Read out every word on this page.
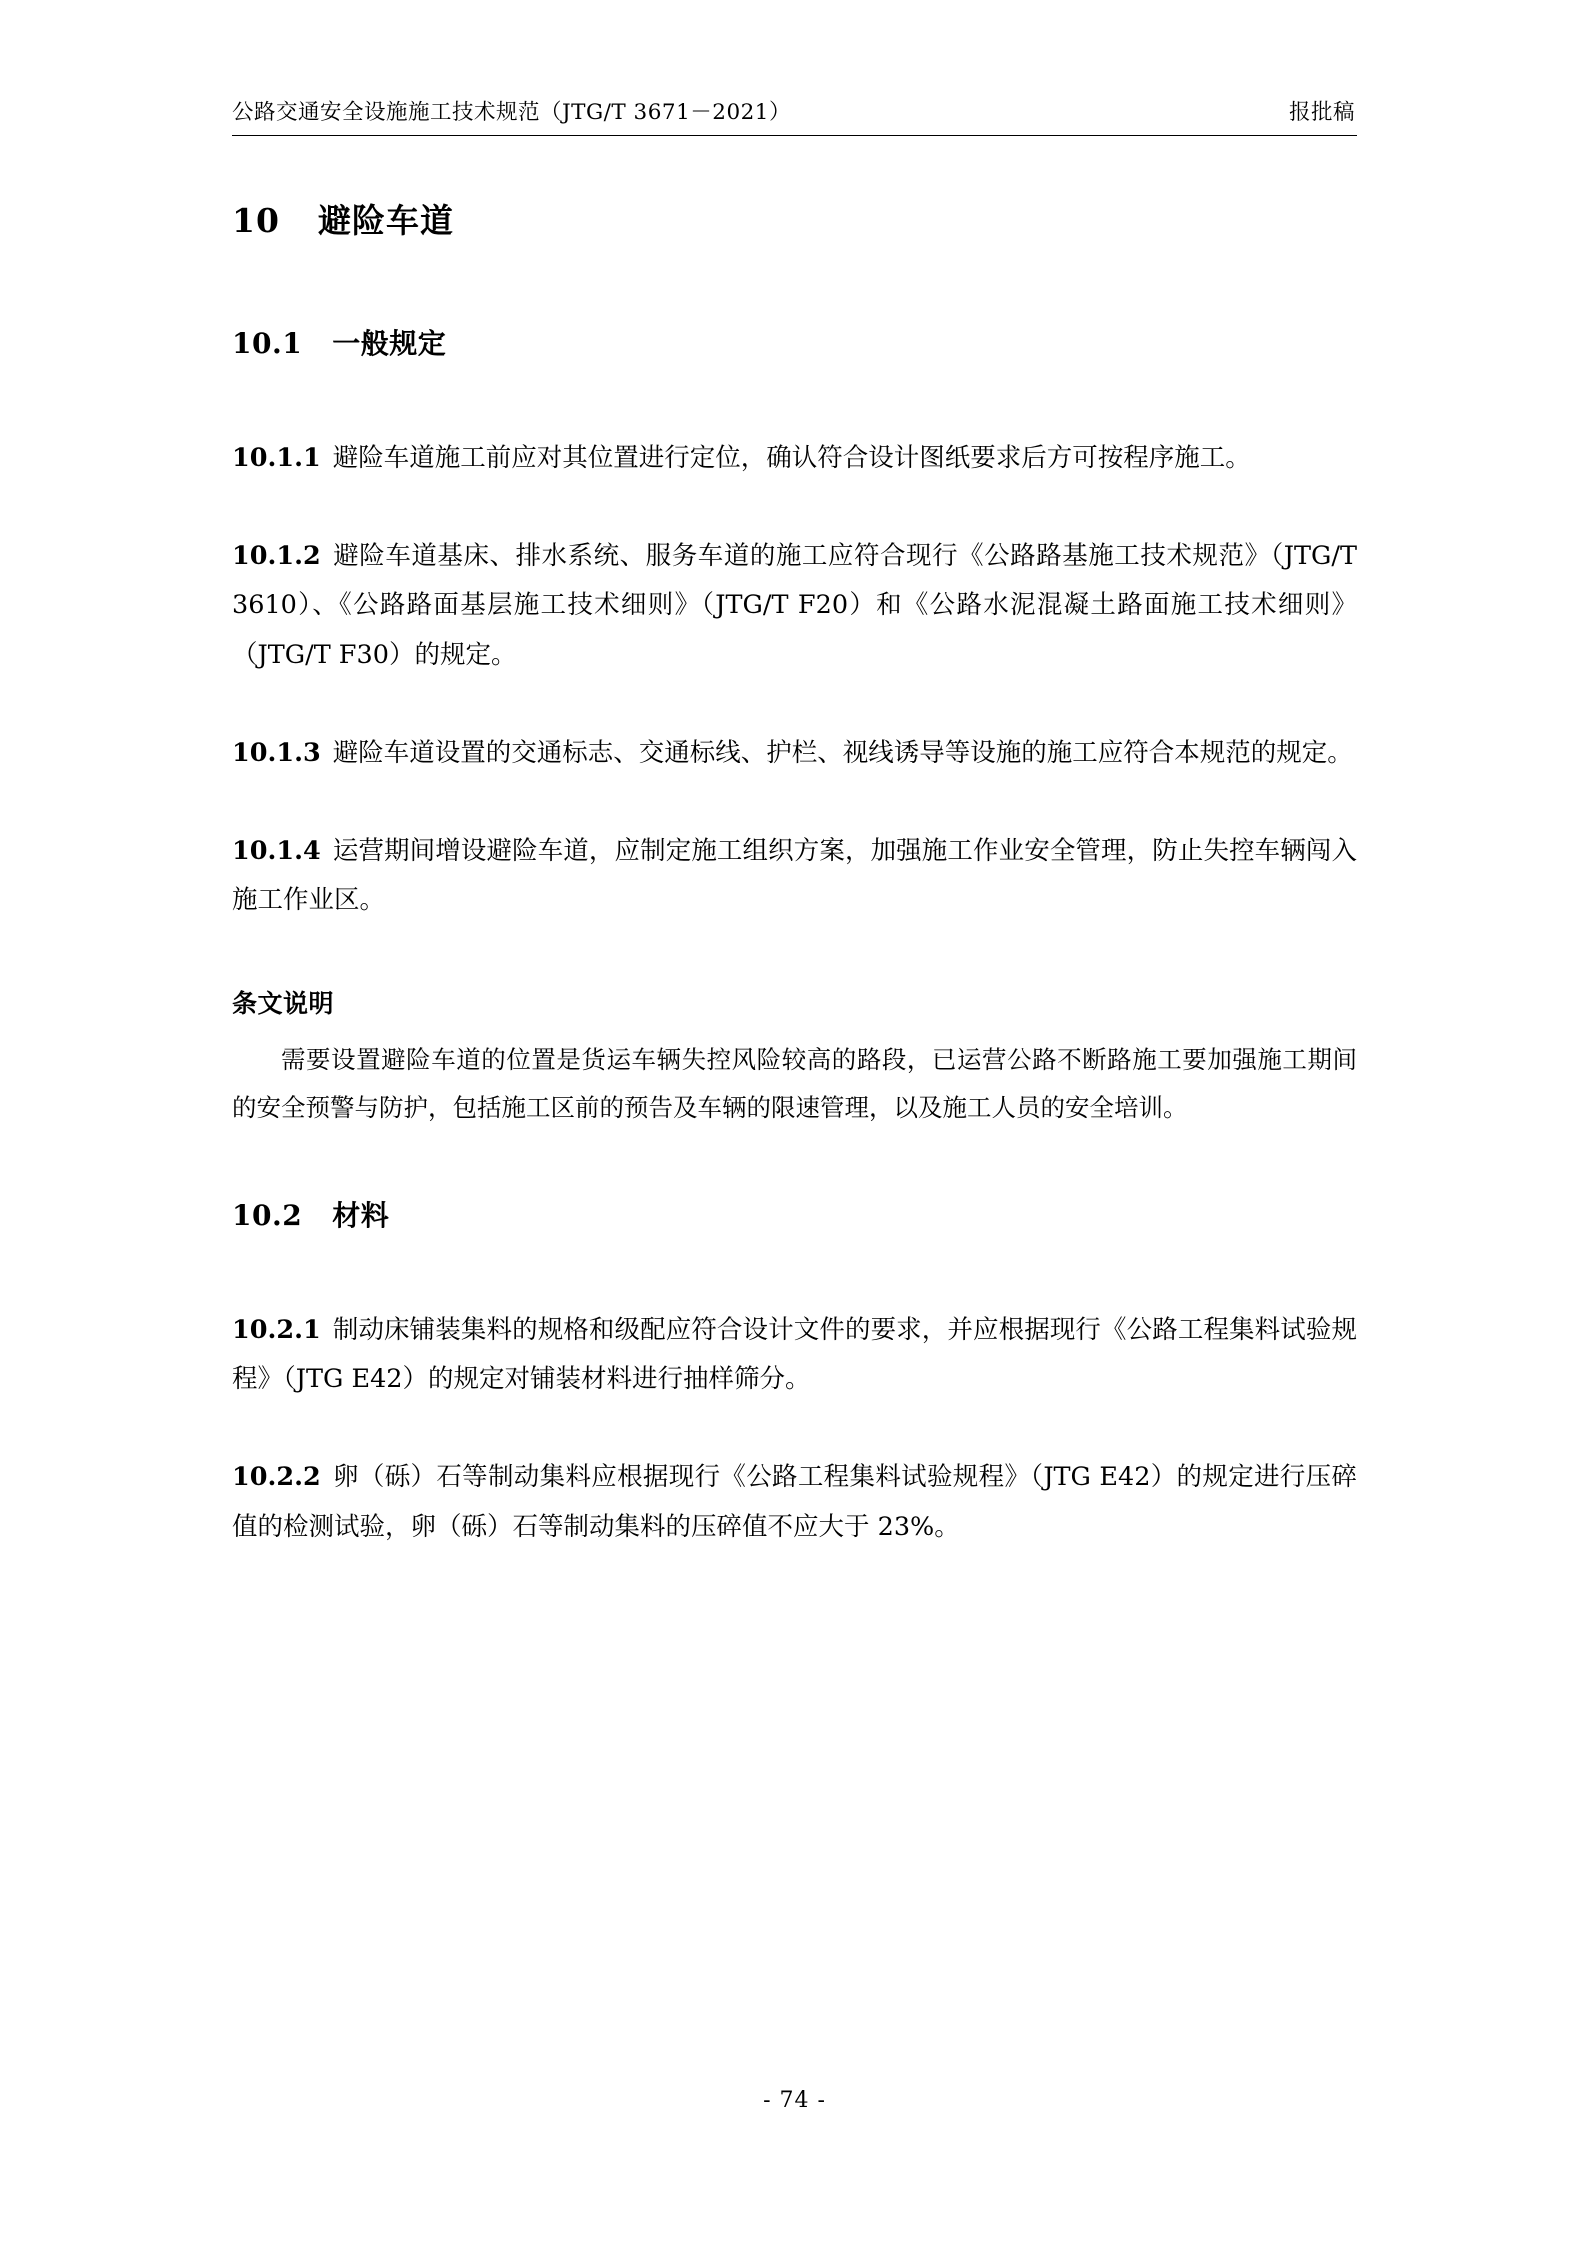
公路交通安全设施施工技术规范（JTG/T 3671－2021）	报批稿
10 避险车道
10.1 一般规定

10.1.1 避险车道施工前应对其位置进行定位，确认符合设计图纸要求后方可按程序施工。

10.1.2 避险车道基床、排水系统、服务车道的施工应符合现行《公路路基施工技术规范》（JTG/T 3610）、《公路路面基层施工技术细则》（JTG/T F20）和《公路水泥混凝土路面施工技术细则》（JTG/T F30）的规定。

10.1.3 避险车道设置的交通标志、交通标线、护栏、视线诱导等设施的施工应符合本规范的规定。

10.1.4 运营期间增设避险车道，应制定施工组织方案，加强施工作业安全管理，防止失控车辆闯入施工作业区。

条文说明

需要设置避险车道的位置是货运车辆失控风险较高的路段，已运营公路不断路施工要加强施工期间的安全预警与防护，包括施工区前的预告及车辆的限速管理，以及施工人员的安全培训。

10.2 材料

10.2.1 制动床铺装集料的规格和级配应符合设计文件的要求，并应根据现行《公路工程集料试验规程》（JTG E42）的规定对铺装材料进行抽样筛分。

10.2.2 卵（砾）石等制动集料应根据现行《公路工程集料试验规程》（JTG E42）的规定进行压碎值的检测试验，卵（砾）石等制动集料的压碎值不应大于 23%。

- 74 -
